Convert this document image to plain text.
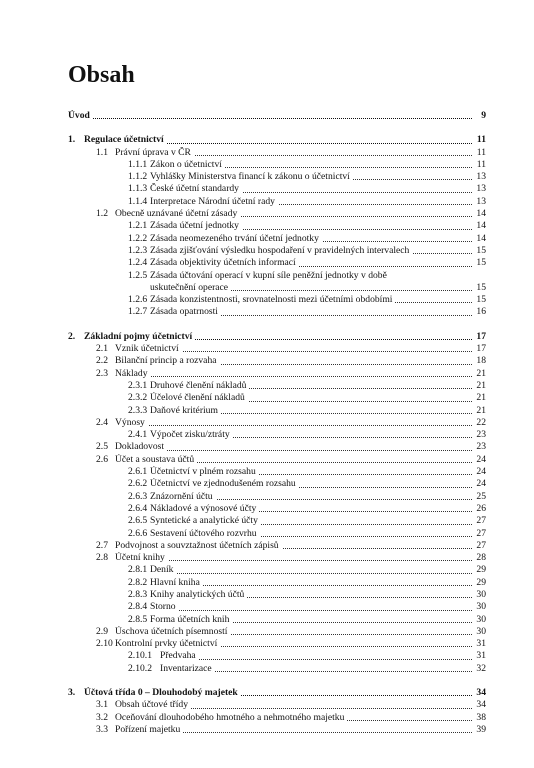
Obsah
Úvod	9
1. Regulace účetnictví	11
1.1 Právní úprava v ČR	11
1.1.1 Zákon o účetnictví	11
1.1.2 Vyhlášky Ministerstva financí k zákonu o účetnictví	13
1.1.3 České účetní standardy	13
1.1.4 Interpretace Národní účetní rady	13
1.2 Obecně uznávané účetní zásady	14
1.2.1 Zásada účetní jednotky	14
1.2.2 Zásada neomezeného trvání účetní jednotky	14
1.2.3 Zásada zjišťování výsledku hospodaření v pravidelných intervalech	15
1.2.4 Zásada objektivity účetních informací	15
1.2.5 Zásada účtování operací v kupní síle peněžní jednotky v době
uskutečnění operace	15
1.2.6 Zásada konzistentnosti, srovnatelnosti mezi účetními obdobími	15
1.2.7 Zásada opatrnosti	16
2. Základní pojmy účetnictví	17
2.1 Vznik účetnictví	17
2.2 Bilanční princip a rozvaha	18
2.3 Náklady	21
2.3.1 Druhové členění nákladů	21
2.3.2 Účelové členění nákladů	21
2.3.3 Daňové kritérium	21
2.4 Výnosy	22
2.4.1 Výpočet zisku/ztráty	23
2.5 Dokladovost	23
2.6 Účet a soustava účtů	24
2.6.1 Účetnictví v plném rozsahu	24
2.6.2 Účetnictví ve zjednodušeném rozsahu	24
2.6.3 Znázornění účtu	25
2.6.4 Nákladové a výnosové účty	26
2.6.5 Syntetické a analytické účty	27
2.6.6 Sestavení účtového rozvrhu	27
2.7 Podvojnost a souvztažnost účetních zápisů	27
2.8 Účetní knihy	28
2.8.1 Deník	29
2.8.2 Hlavní kniha	29
2.8.3 Knihy analytických účtů	30
2.8.4 Storno	30
2.8.5 Forma účetních knih	30
2.9 Úschova účetních písemností	30
2.10 Kontrolní prvky účetnictví	31
2.10.1 Předvaha	31
2.10.2 Inventarizace	32
3. Účtová třída 0 – Dlouhodobý majetek	34
3.1 Obsah účtové třídy	34
3.2 Oceňování dlouhodobého hmotného a nehmotného majetku	38
3.3 Pořízení majetku	39
